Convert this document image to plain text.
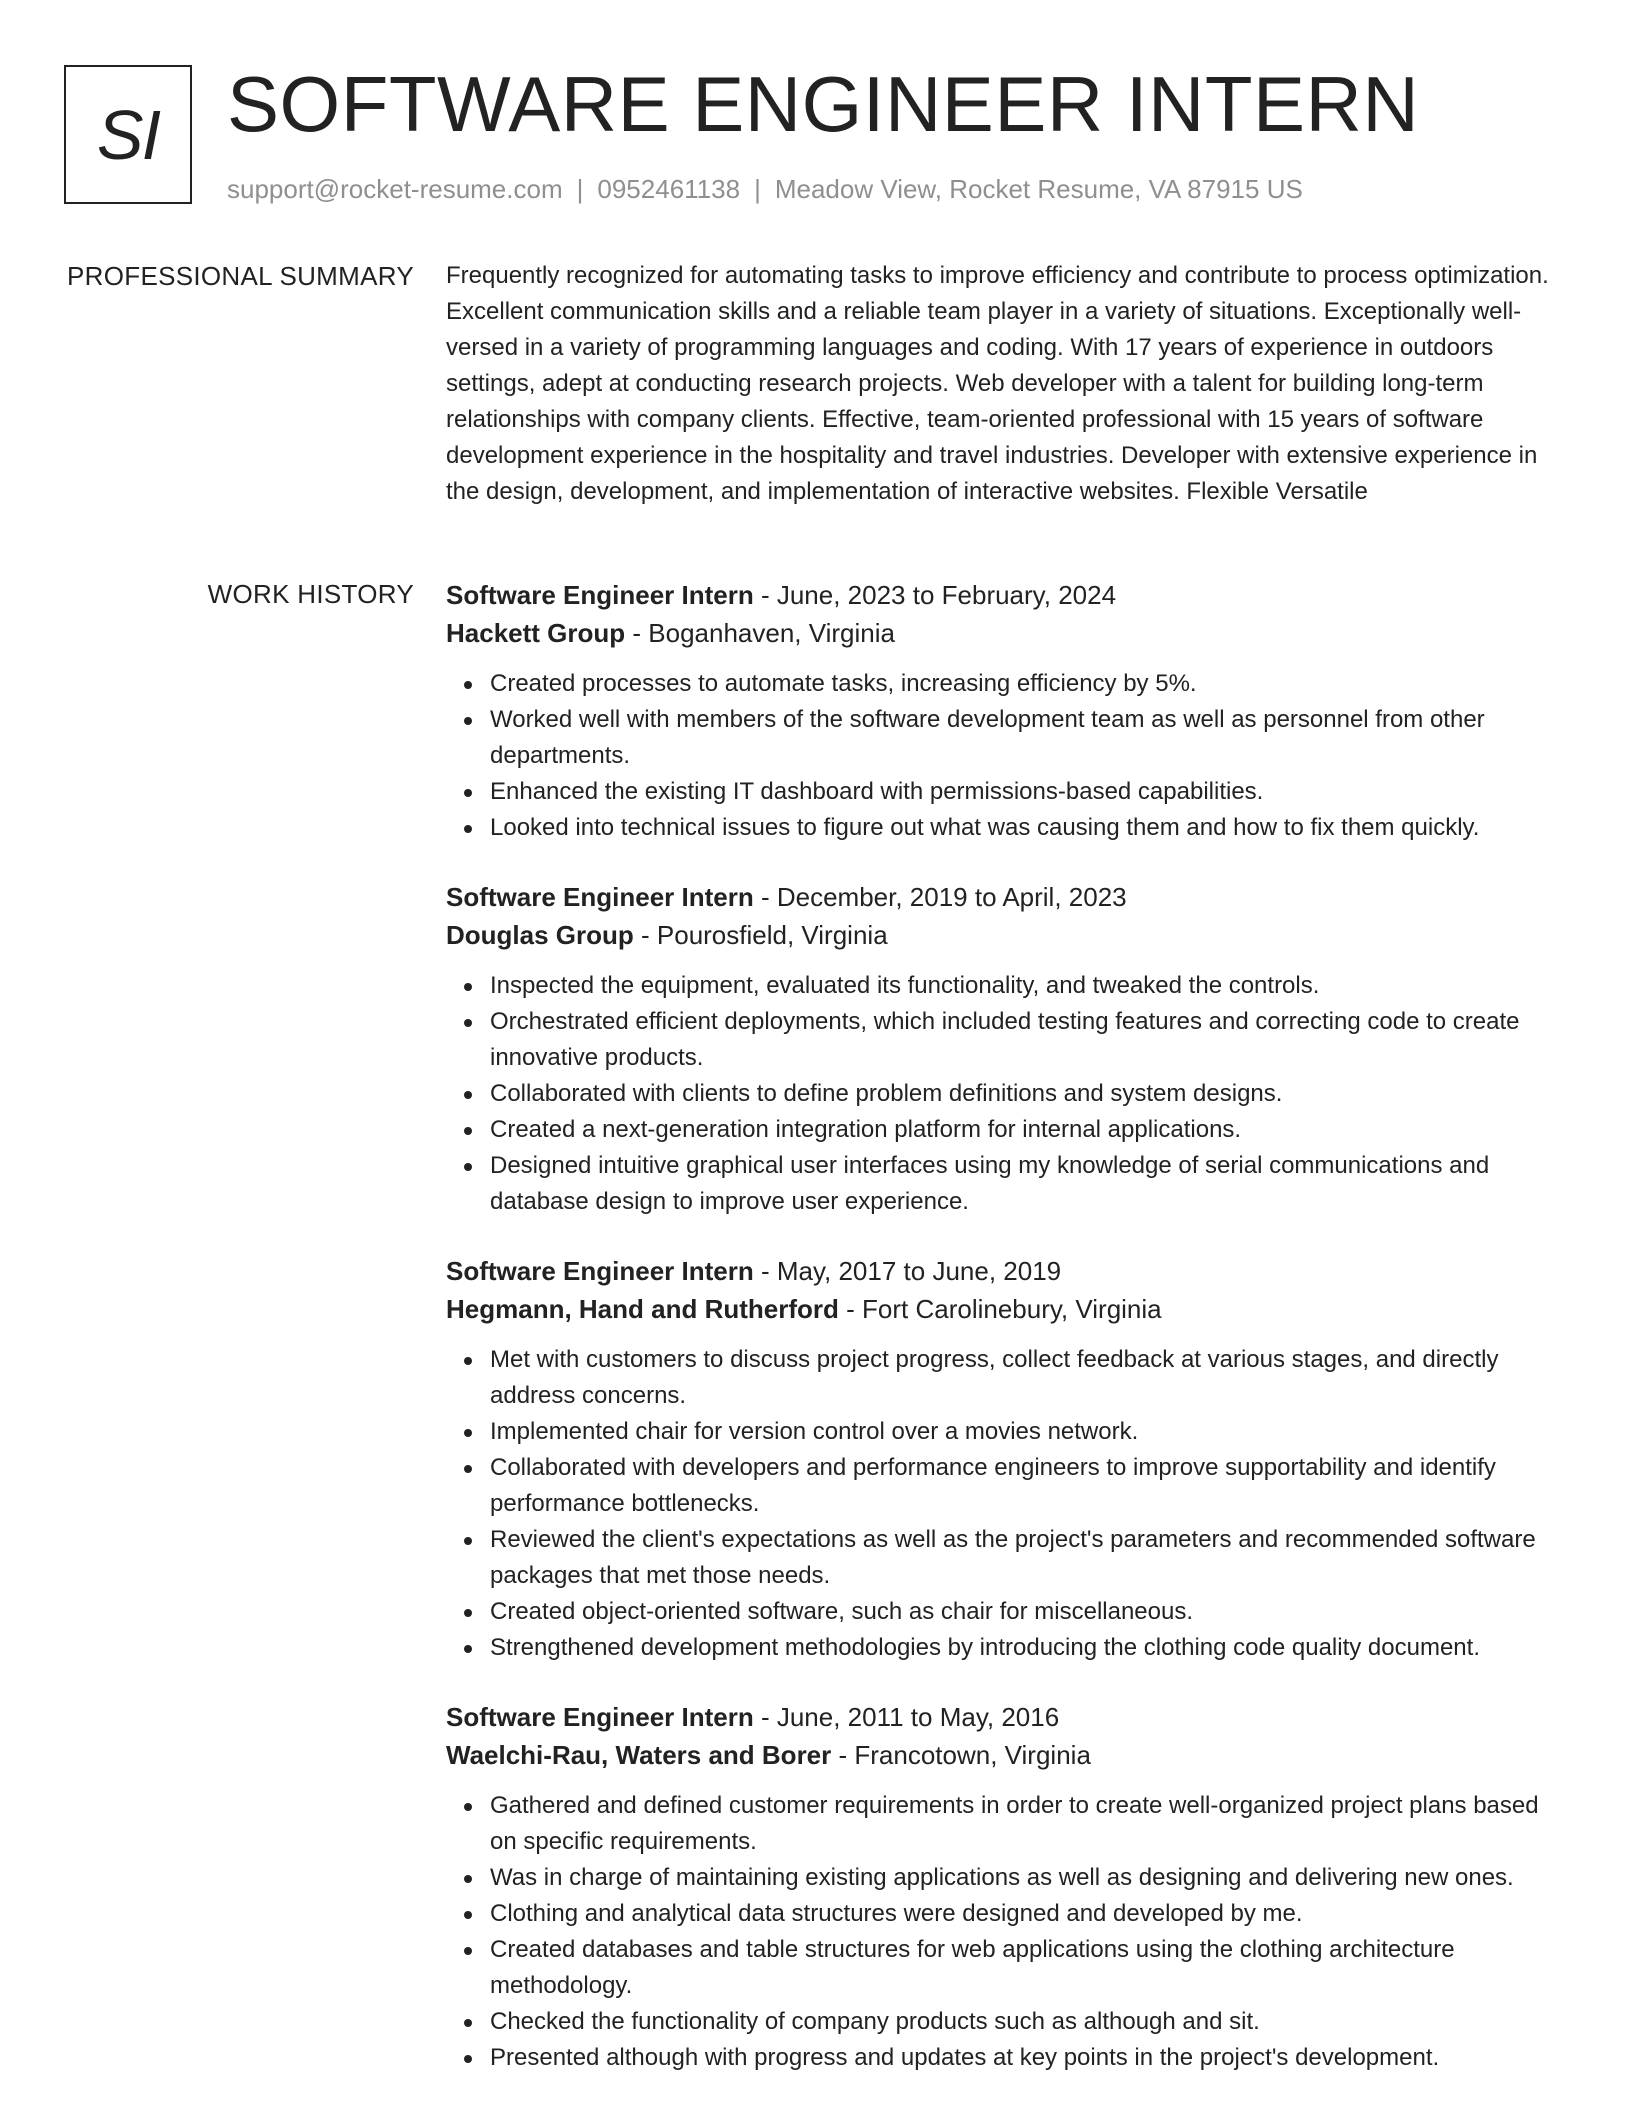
SI SOFTWARE ENGINEER INTERN
support@rocket-resume.com | 0952461138 | Meadow View, Rocket Resume, VA 87915 US
PROFESSIONAL SUMMARY Frequently recognized for automating tasks to improve efficiency and contribute to process optimization. Excellent communication skills and a reliable team player in a variety of situations. Exceptionally well-versed in a variety of programming languages and coding. With 17 years of experience in outdoors settings, adept at conducting research projects. Web developer with a talent for building long-term relationships with company clients. Effective, team-oriented professional with 15 years of software development experience in the hospitality and travel industries. Developer with extensive experience in the design, development, and implementation of interactive websites. Flexible Versatile

WORK HISTORY Software Engineer Intern - June, 2023 to February, 2024
Hackett Group - Boganhaven, Virginia
Created processes to automate tasks, increasing efficiency by 5%.
Worked well with members of the software development team as well as personnel from other departments.
Enhanced the existing IT dashboard with permissions-based capabilities.
Looked into technical issues to figure out what was causing them and how to fix them quickly.
Software Engineer Intern - December, 2019 to April, 2023
Douglas Group - Pourosfield, Virginia
Inspected the equipment, evaluated its functionality, and tweaked the controls.
Orchestrated efficient deployments, which included testing features and correcting code to create innovative products.
Collaborated with clients to define problem definitions and system designs.
Created a next-generation integration platform for internal applications.
Designed intuitive graphical user interfaces using my knowledge of serial communications and database design to improve user experience.
Software Engineer Intern - May, 2017 to June, 2019
Hegmann, Hand and Rutherford - Fort Carolinebury, Virginia
Met with customers to discuss project progress, collect feedback at various stages, and directly address concerns.
Implemented chair for version control over a movies network.
Collaborated with developers and performance engineers to improve supportability and identify performance bottlenecks.
Reviewed the client's expectations as well as the project's parameters and recommended software packages that met those needs.
Created object-oriented software, such as chair for miscellaneous.
Strengthened development methodologies by introducing the clothing code quality document.
Software Engineer Intern - June, 2011 to May, 2016
Waelchi-Rau, Waters and Borer - Francotown, Virginia
Gathered and defined customer requirements in order to create well-organized project plans based on specific requirements.
Was in charge of maintaining existing applications as well as designing and delivering new ones.
Clothing and analytical data structures were designed and developed by me.
Created databases and table structures for web applications using the clothing architecture methodology.
Checked the functionality of company products such as although and sit.
Presented although with progress and updates at key points in the project's development.
